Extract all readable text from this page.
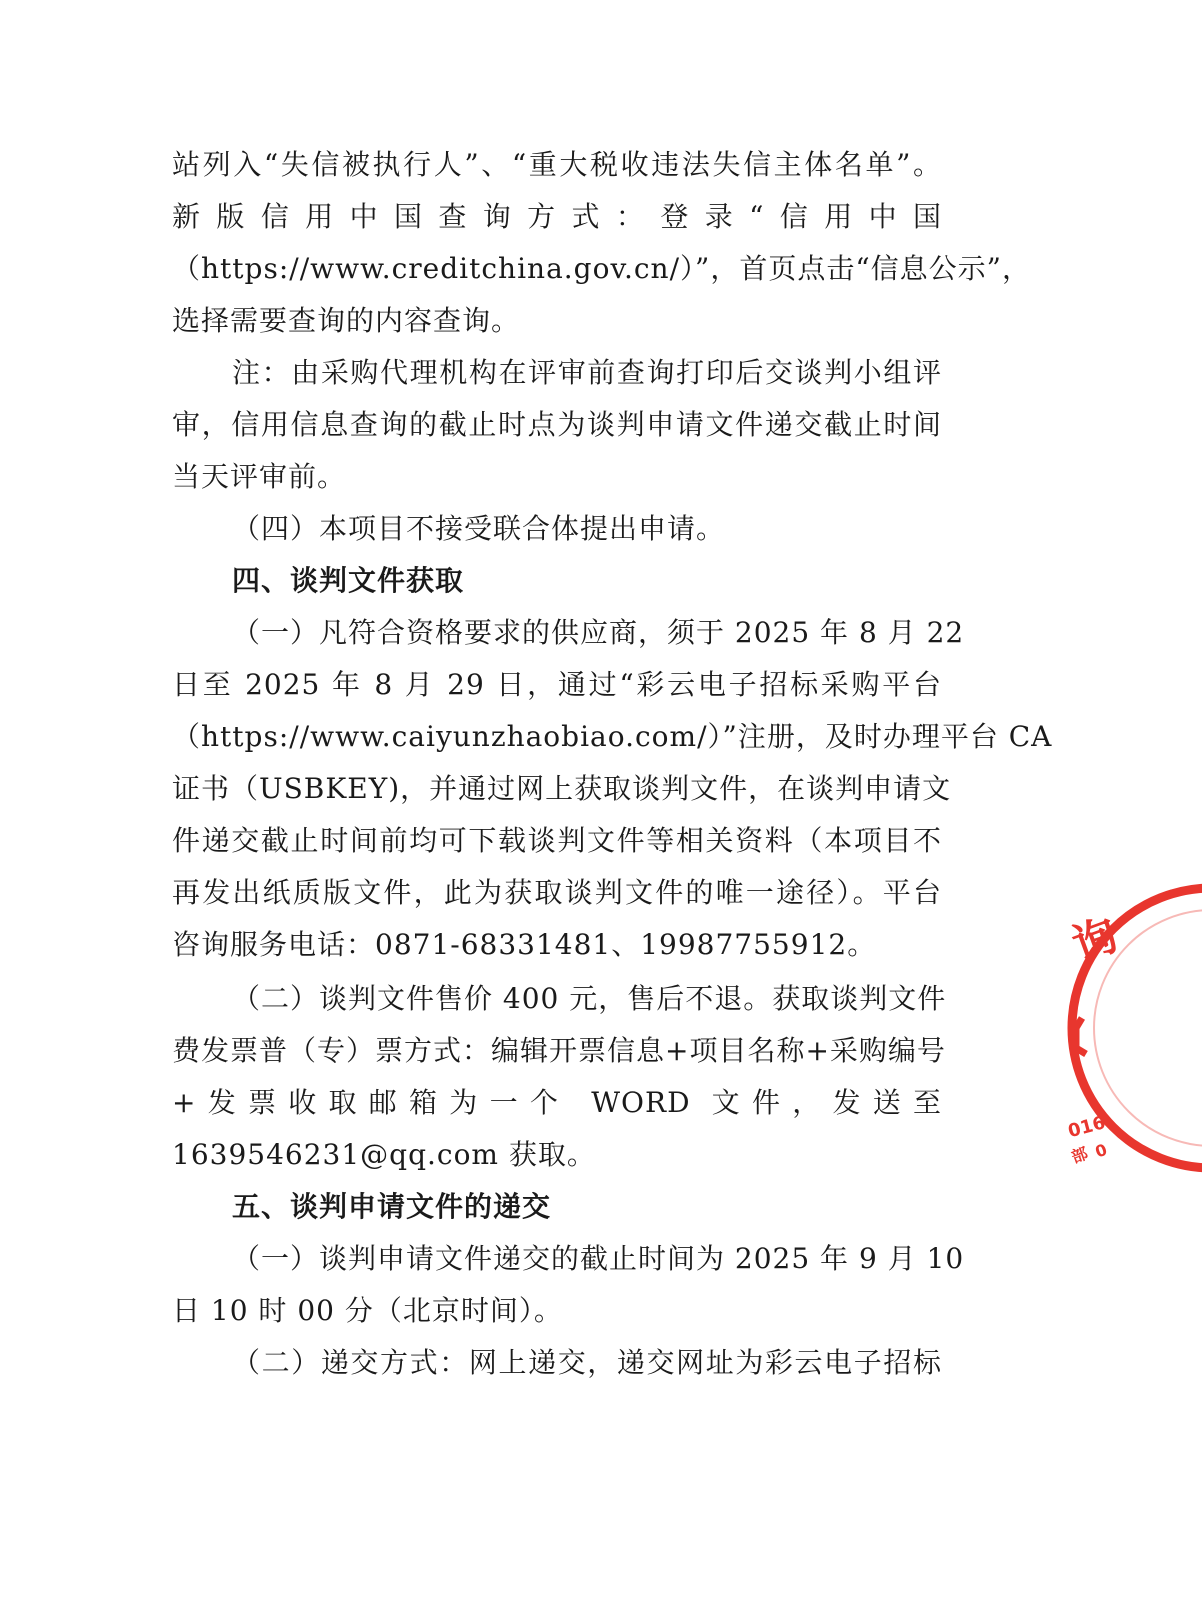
站列入“失信被执行人”、“重大税收违法失信主体名单”。
新版信用中国查询方式：登录“信用中国
（https://www.creditchina.gov.cn/）”，首页点击“信息公示”，
选择需要查询的内容查询。
注：由采购代理机构在评审前查询打印后交谈判小组评
审，信用信息查询的截止时点为谈判申请文件递交截止时间
当天评审前。
（四）本项目不接受联合体提出申请。
四、谈判文件获取
（一）凡符合资格要求的供应商，须于 2025 年 8 月 22
日至 2025 年 8 月 29 日，通过“彩云电子招标采购平台
（https://www.caiyunzhaobiao.com/）”注册，及时办理平台 CA
证书（USBKEY)，并通过网上获取谈判文件，在谈判申请文
件递交截止时间前均可下载谈判文件等相关资料（本项目不
再发出纸质版文件，此为获取谈判文件的唯一途径）。平台
咨询服务电话：0871-68331481、19987755912。
（二）谈判文件售价 400 元，售后不退。获取谈判文件
费发票普（专）票方式：编辑开票信息+项目名称+采购编号
+发票收取邮箱为一个 WORD 文件，发送至
1639546231@qq.com 获取。
五、谈判申请文件的递交
（一）谈判申请文件递交的截止时间为 2025 年 9 月 10
日 10 时 00 分（北京时间）。
（二）递交方式：网上递交，递交网址为彩云电子招标
询
016
部 0
